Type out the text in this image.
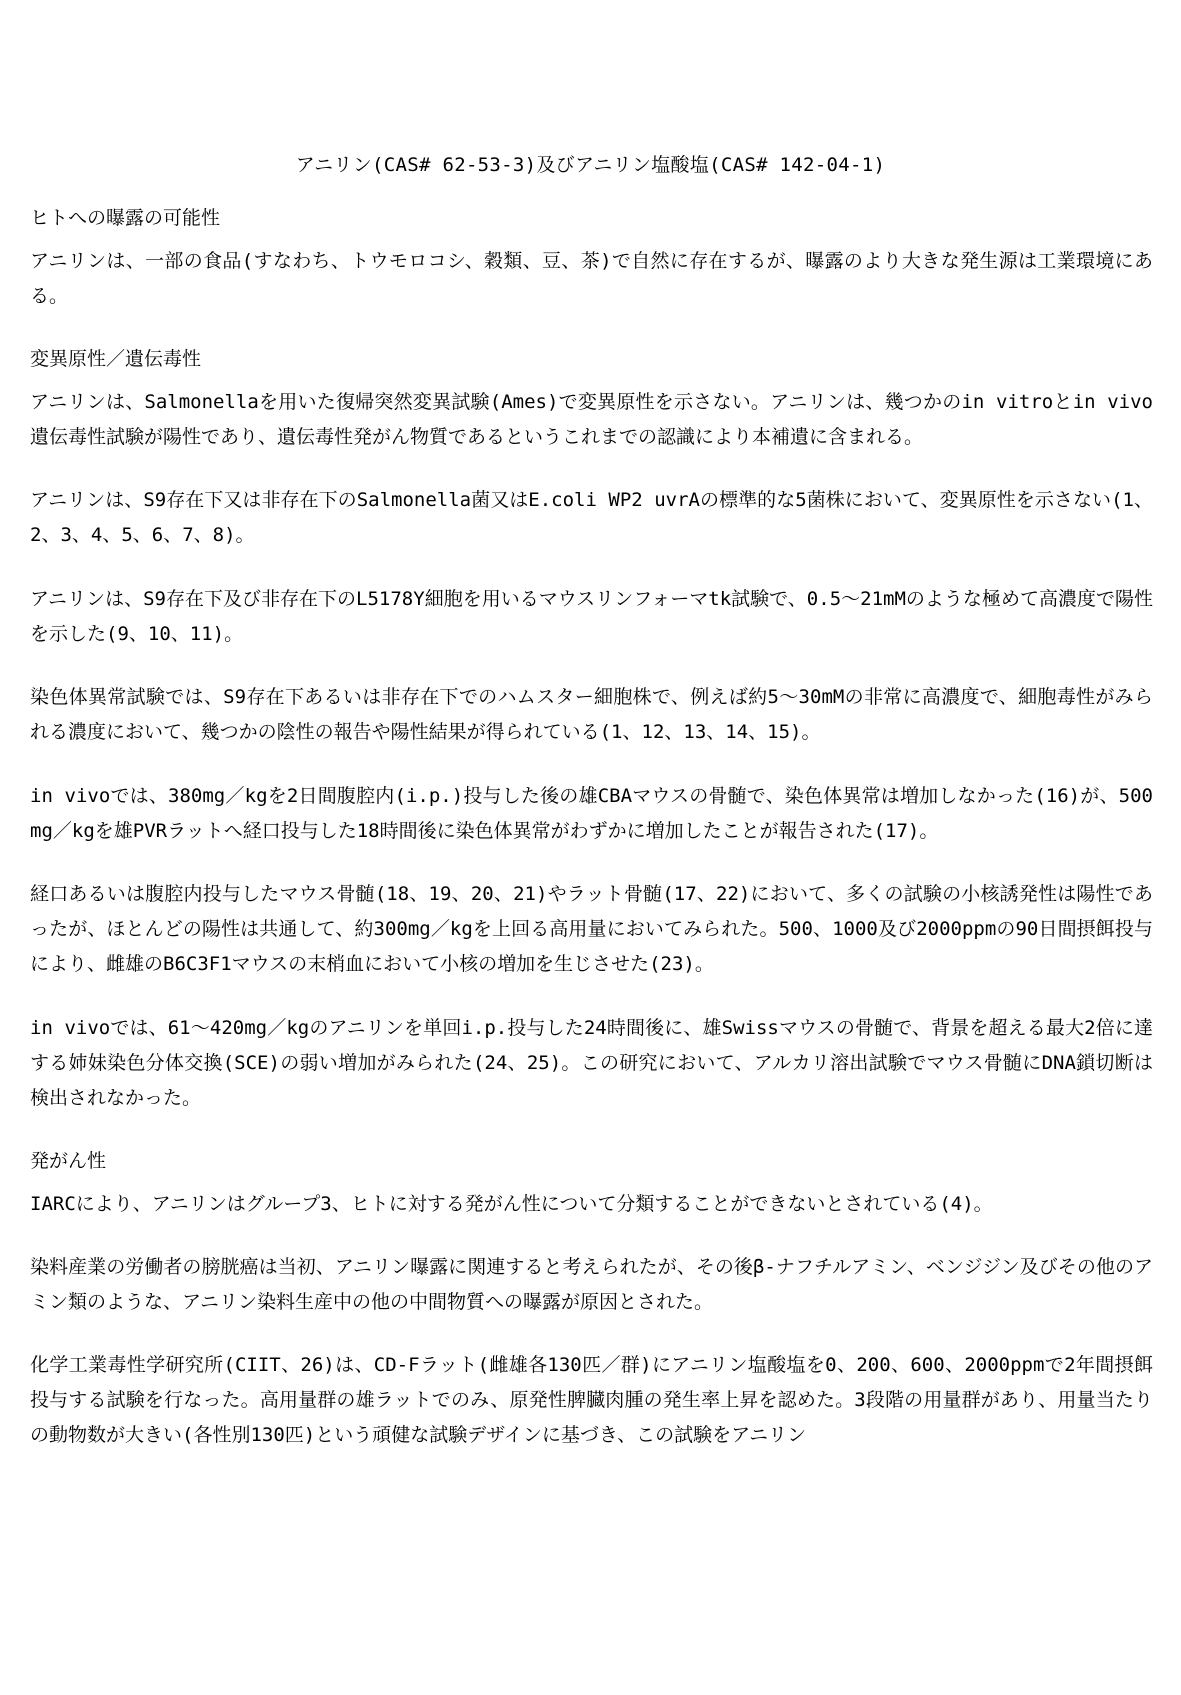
アニリン(CAS# 62-53-3)及びアニリン塩酸塩(CAS# 142-04-1)
ヒトへの曝露の可能性
アニリンは、一部の食品(すなわち、トウモロコシ、穀類、豆、茶)で自然に存在するが、曝露のより大きな発生源は工業環境にある。
変異原性／遺伝毒性
アニリンは、Salmonellaを用いた復帰突然変異試験(Ames)で変異原性を示さない。アニリンは、幾つかのin vitroとin vivo遺伝毒性試験が陽性であり、遺伝毒性発がん物質であるというこれまでの認識により本補遺に含まれる。
アニリンは、S9存在下又は非存在下のSalmonella菌又はE.coli WP2 uvrAの標準的な5菌株において、変異原性を示さない(1、2、3、4、5、6、7、8)。
アニリンは、S9存在下及び非存在下のL5178Y細胞を用いるマウスリンフォーマtk試験で、0.5～21mMのような極めて高濃度で陽性を示した(9、10、11)。
染色体異常試験では、S9存在下あるいは非存在下でのハムスター細胞株で、例えば約5～30mMの非常に高濃度で、細胞毒性がみられる濃度において、幾つかの陰性の報告や陽性結果が得られている(1、12、13、14、15)。
in vivoでは、380mg／kgを2日間腹腔内(i.p.)投与した後の雄CBAマウスの骨髄で、染色体異常は増加しなかった(16)が、500mg／kgを雄PVRラットへ経口投与した18時間後に染色体異常がわずかに増加したことが報告された(17)。
経口あるいは腹腔内投与したマウス骨髄(18、19、20、21)やラット骨髄(17、22)において、多くの試験の小核誘発性は陽性であったが、ほとんどの陽性は共通して、約300mg／kgを上回る高用量においてみられた。500、1000及び2000ppmの90日間摂餌投与により、雌雄のB6C3F1マウスの末梢血において小核の増加を生じさせた(23)。
in vivoでは、61～420mg／kgのアニリンを単回i.p.投与した24時間後に、雄Swissマウスの骨髄で、背景を超える最大2倍に達する姉妹染色分体交換(SCE)の弱い増加がみられた(24、25)。この研究において、アルカリ溶出試験でマウス骨髄にDNA鎖切断は検出されなかった。
発がん性
IARCにより、アニリンはグループ3、ヒトに対する発がん性について分類することができないとされている(4)。
染料産業の労働者の膀胱癌は当初、アニリン曝露に関連すると考えられたが、その後β-ナフチルアミン、ベンジジン及びその他のアミン類のような、アニリン染料生産中の他の中間物質への曝露が原因とされた。
化学工業毒性学研究所(CIIT、26)は、CD-Fラット(雌雄各130匹／群)にアニリン塩酸塩を0、200、600、2000ppmで2年間摂餌投与する試験を行なった。高用量群の雄ラットでのみ、原発性脾臓肉腫の発生率上昇を認めた。3段階の用量群があり、用量当たりの動物数が大きい(各性別130匹)という頑健な試験デザインに基づき、この試験をアニリン
